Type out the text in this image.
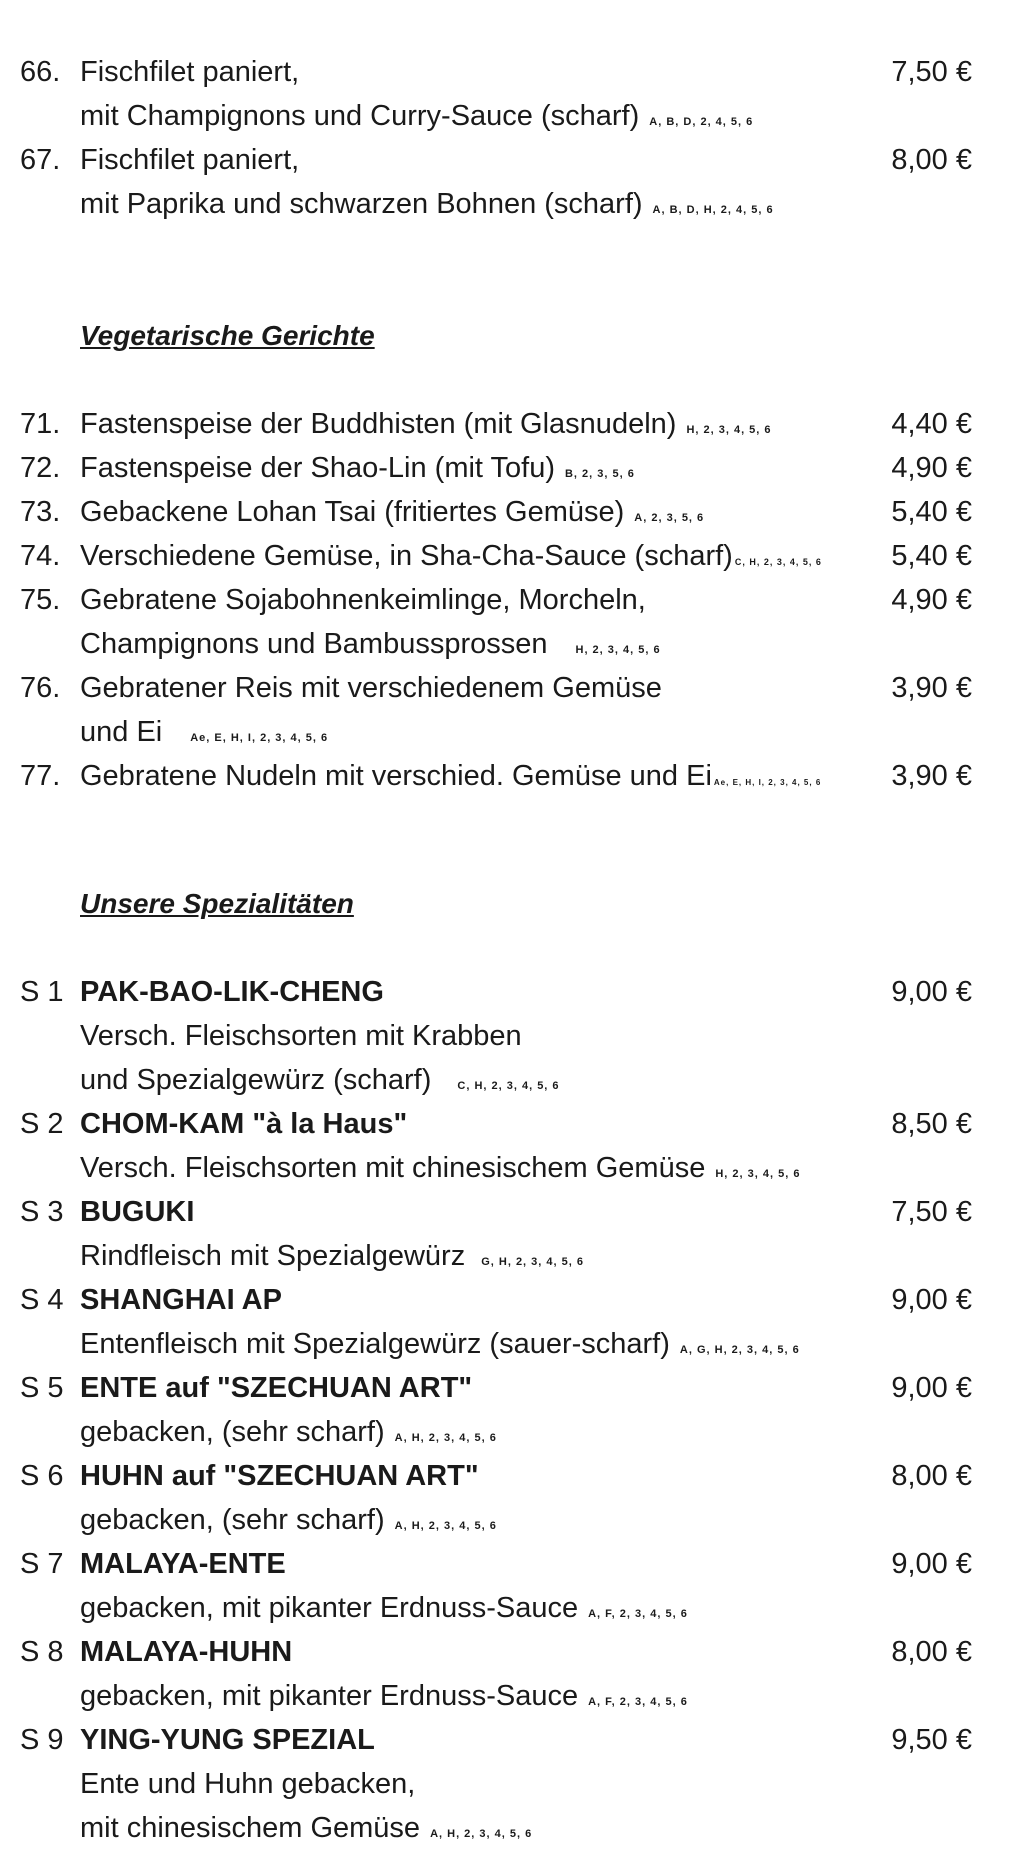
66. Fischfilet paniert,	7,50 €
mit Champignons und Curry-Sauce (scharf) A, B, D, 2, 4, 5, 6
67. Fischfilet paniert,	8,00 €
mit Paprika und schwarzen Bohnen (scharf) A, B, D, H, 2, 4, 5, 6
Vegetarische Gerichte
71. Fastenspeise der Buddhisten (mit Glasnudeln) H, 2, 3, 4, 5, 6	4,40 €
72. Fastenspeise der Shao-Lin (mit Tofu) B, 2, 3, 5, 6	4,90 €
73. Gebackene Lohan Tsai (fritiertes Gemüse) A, 2, 3, 5, 6	5,40 €
74. Verschiedene Gemüse, in Sha-Cha-Sauce (scharf) C, H, 2, 3, 4, 5, 6 5,40 €
75. Gebratene Sojabohnenkeimlinge, Morcheln,	4,90 €
Champignons und Bambussprossen	H, 2, 3, 4, 5, 6
76. Gebratener Reis mit verschiedenem Gemüse	3,90 €
und Ei	Ae, E, H, I, 2, 3, 4, 5, 6
77. Gebratene Nudeln mit verschied. Gemüse und Ei Ae, E, H, I, 2, 3, 4, 5, 6 3,90 €
Unsere Spezialitäten
S 1 PAK-BAO-LIK-CHENG	9,00 €
Versch. Fleischsorten mit Krabben
und Spezialgewürz (scharf) C, H, 2, 3, 4, 5, 6
S 2 CHOM-KAM "à la Haus"	8,50 €
Versch. Fleischsorten mit chinesischem Gemüse H, 2, 3, 4, 5, 6
S 3 BUGUKI	7,50 €
Rindfleisch mit Spezialgewürz G, H, 2, 3, 4, 5, 6
S 4 SHANGHAI AP	9,00 €
Entenfleisch mit Spezialgewürz (sauer-scharf) A, G, H, 2, 3, 4, 5, 6
S 5 ENTE auf "SZECHUAN ART"	9,00 €
gebacken, (sehr scharf) A, H, 2, 3, 4, 5, 6
S 6 HUHN auf "SZECHUAN ART"	8,00 €
gebacken, (sehr scharf) A, H, 2, 3, 4, 5, 6
S 7 MALAYA-ENTE	9,00 €
gebacken, mit pikanter Erdnuss-Sauce A, F, 2, 3, 4, 5, 6
S 8 MALAYA-HUHN	8,00 €
gebacken, mit pikanter Erdnuss-Sauce A, F, 2, 3, 4, 5, 6
S 9 YING-YUNG SPEZIAL	9,50 €
Ente und Huhn gebacken,
mit chinesischem Gemüse A, H, 2, 3, 4, 5, 6
